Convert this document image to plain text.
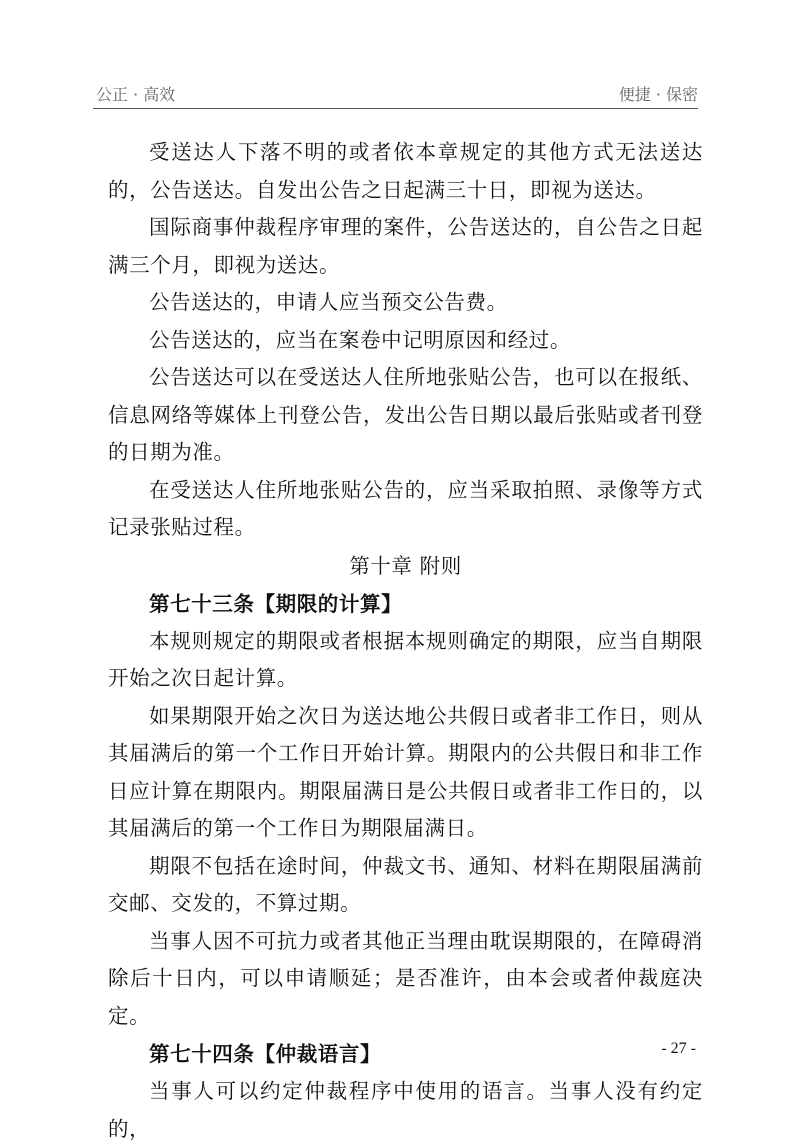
公正 · 高效	便捷 · 保密

受送达人下落不明的或者依本章规定的其他方式无法送达的，公告送达。自发出公告之日起满三十日，即视为送达。

国际商事仲裁程序审理的案件，公告送达的，自公告之日起满三个月，即视为送达。

公告送达的，申请人应当预交公告费。

公告送达的，应当在案卷中记明原因和经过。

公告送达可以在受送达人住所地张贴公告，也可以在报纸、信息网络等媒体上刊登公告，发出公告日期以最后张贴或者刊登的日期为准。

在受送达人住所地张贴公告的，应当采取拍照、录像等方式记录张贴过程。

第十章 附则

第七十三条【期限的计算】

本规则规定的期限或者根据本规则确定的期限，应当自期限开始之次日起计算。

如果期限开始之次日为送达地公共假日或者非工作日，则从其届满后的第一个工作日开始计算。期限内的公共假日和非工作日应计算在期限内。期限届满日是公共假日或者非工作日的，以其届满后的第一个工作日为期限届满日。

期限不包括在途时间，仲裁文书、通知、材料在期限届满前交邮、交发的，不算过期。

当事人因不可抗力或者其他正当理由耽误期限的，在障碍消除后十日内，可以申请顺延；是否准许，由本会或者仲裁庭决定。

第七十四条【仲裁语言】

当事人可以约定仲裁程序中使用的语言。当事人没有约定的，

- 27 -
